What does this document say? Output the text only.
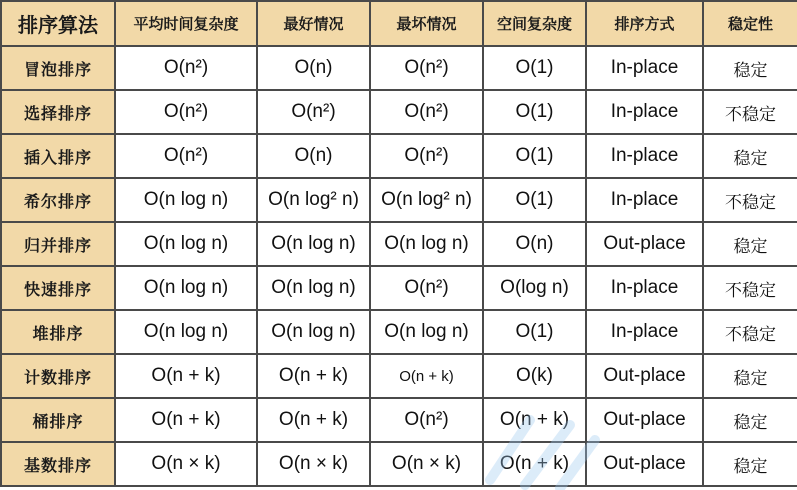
排序算法	平均时间复杂度	最好情况	最坏情况	空间复杂度	排序方式	稳定性
冒泡排序	O(n²)	O(n)	O(n²)	O(1)	In-place	稳定
选择排序	O(n²)	O(n²)	O(n²)	O(1)	In-place	不稳定
插入排序	O(n²)	O(n)	O(n²)	O(1)	In-place	稳定
希尔排序	O(n log n)	O(n log² n)	O(n log² n)	O(1)	In-place	不稳定
归并排序	O(n log n)	O(n log n)	O(n log n)	O(n)	Out-place	稳定
快速排序	O(n log n)	O(n log n)	O(n²)	O(log n)	In-place	不稳定
堆排序	O(n log n)	O(n log n)	O(n log n)	O(1)	In-place	不稳定
计数排序	O(n + k)	O(n + k)	O(n + k)	O(k)	Out-place	稳定
桶排序	O(n + k)	O(n + k)	O(n²)	O(n + k)	Out-place	稳定
基数排序	O(n × k)	O(n × k)	O(n × k)	O(n + k)	Out-place	稳定
